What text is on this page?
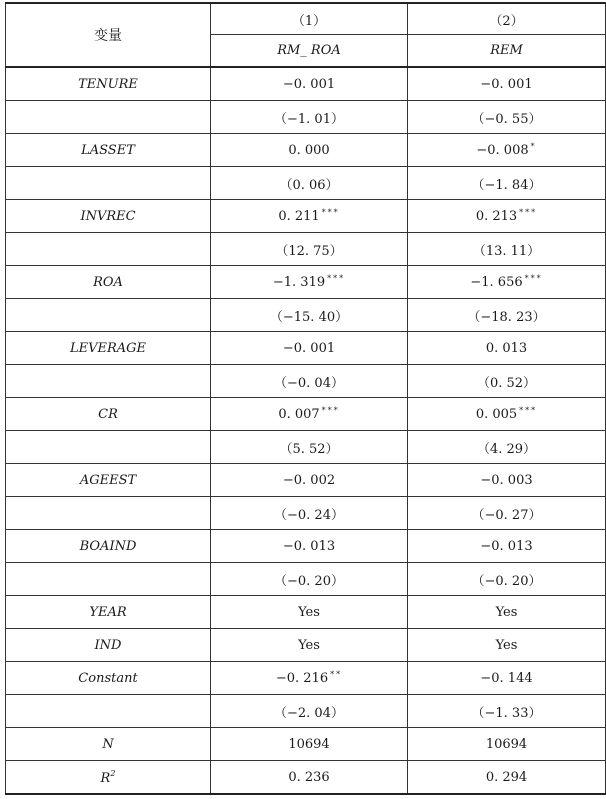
变量	（1）	（2）
	RM_ ROA	REM
TENURE	−0. 001	−0. 001
	（−1. 01）	（−0. 55）
LASSET	0. 000	−0. 008 *
	（0. 06）	（−1. 84）
INVREC	0. 211 ***	0. 213 ***
	（12. 75）	（13. 11）
ROA	−1. 319 ***	−1. 656 ***
	（−15. 40）	（−18. 23）
LEVERAGE	−0. 001	0. 013
	（−0. 04）	（0. 52）
CR	0. 007 ***	0. 005 ***
	（5. 52）	（4. 29）
AGEEST	−0. 002	−0. 003
	（−0. 24）	（−0. 27）
BOAIND	−0. 013	−0. 013
	（−0. 20）	（−0. 20）
YEAR	Yes	Yes
IND	Yes	Yes
Constant	−0. 216 **	−0. 144
	（−2. 04）	（−1. 33）
N	10694	10694
$R^2$	0. 236	0. 294
